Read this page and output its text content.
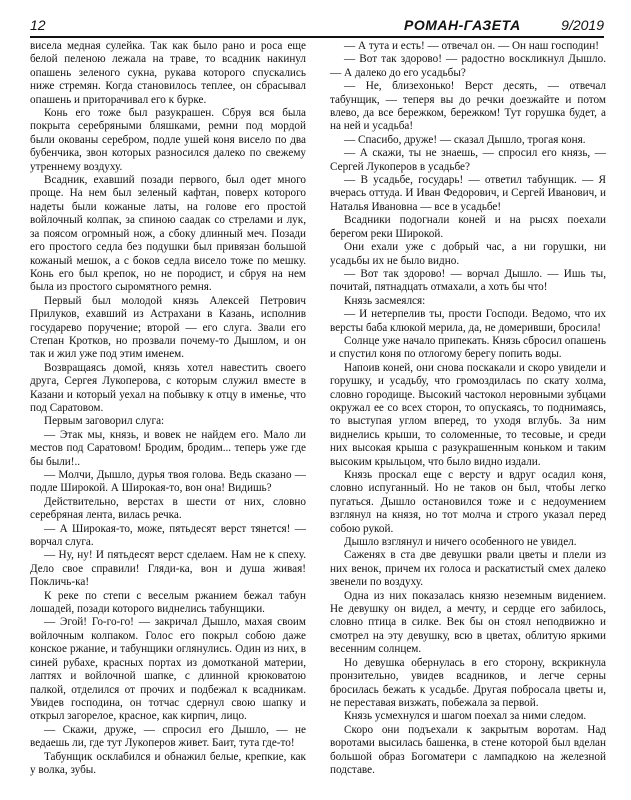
12	РОМАН-ГАЗЕТА	9/2019

висела медная сулейка. Так как было рано и роса еще белой пеленою лежала на траве, то всадник накинул опашень зеленого сукна, рукава которого спускались ниже стремян. Когда становилось теплее, он сбрасывал опашень и приторачивал его к бурке.

Конь его тоже был разукрашен. Сбруя вся была покрыта серебряными бляшками, ремни под мордой были окованы серебром, подле ушей коня висело по два бубенчика, звон которых разносился далеко по свежему утреннему воздуху.

Всадник, ехавший позади первого, был одет много проще. На нем был зеленый кафтан, поверх которого надеты были кожаные латы, на голове его простой войлочный колпак, за спиною саадак со стрелами и лук, за поясом огромный нож, а сбоку длинный меч. Позади его простого седла без подушки был привязан большой кожаный мешок, а с боков седла висело тоже по мешку. Конь его был крепок, но не породист, и сбруя на нем была из простого сыромятного ремня.

Первый был молодой князь Алексей Петрович Прилуков, ехавший из Астрахани в Казань, исполнив государево поручение; второй — его слуга. Звали его Степан Кротков, но прозвали почему-то Дышлом, и он так и жил уже под этим именем.

Возвращаясь домой, князь хотел навестить своего друга, Сергея Лукоперова, с которым служил вместе в Казани и который уехал на побывку к отцу в именье, что под Саратовом.

Первым заговорил слуга:

— Этак мы, князь, и вовек не найдем его. Мало ли местов под Саратовом! Бродим, бродим... теперь уже где бы были!..

— Молчи, Дышло, дурья твоя голова. Ведь сказано — подле Широкой. А Широкая-то, вон она! Видишь?

Действительно, верстах в шести от них, словно серебряная лента, вилась речка.

— А Широкая-то, може, пятьдесят верст тянется! — ворчал слуга.

— Ну, ну! И пятьдесят верст сделаем. Нам не к спеху. Дело свое справили! Гляди-ка, вон и душа живая! Покличь-ка!

К реке по степи с веселым ржанием бежал табун лошадей, позади которого виднелись табунщики.

— Эгой! Го-го-го! — закричал Дышло, махая своим войлочным колпаком. Голос его покрыл собою даже конское ржание, и табунщики оглянулись. Один из них, в синей рубахе, красных портах из домотканой материи, лаптях и войлочной шапке, с длинной крюковатою палкой, отделился от прочих и подбежал к всадникам. Увидев господина, он тотчас сдернул свою шапку и открыл загорелое, красное, как кирпич, лицо.

— Скажи, друже, — спросил его Дышло, — не ведаешь ли, где тут Лукоперов живет. Баит, тута где-то!

Табунщик осклабился и обнажил белые, крепкие, как у волка, зубы.

— А тута и есть! — отвечал он. — Он наш господин!

— Вот так здорово! — радостно воскликнул Дышло. — А далеко до его усадьбы?

— Не, близехонько! Верст десять, — отвечал табунщик, — теперя вы до речки доезжайте и потом влево, да все бережком, бережком! Тут горушка будет, а на ней и усадьба!

— Спасибо, друже! — сказал Дышло, трогая коня.

— А скажи, ты не знаешь, — спросил его князь, — Сергей Лукоперов в усадьбе?

— В усадьбе, государь! — ответил табунщик. — Я вчерась оттуда. И Иван Федорович, и Сергей Иванович, и Наталья Ивановна — все в усадьбе!

Всадники подогнали коней и на рысях поехали берегом реки Широкой.

Они ехали уже с добрый час, а ни горушки, ни усадьбы их не было видно.

— Вот так здорово! — ворчал Дышло. — Ишь ты, почитай, пятнадцать отмахали, а хоть бы что!

Князь засмеялся:

— И нетерпелив ты, прости Господи. Ведомо, что их версты баба клюкой мерила, да, не домеривши, бросила!

Солнце уже начало припекать. Князь сбросил опашень и спустил коня по отлогому берегу попить воды.

Напоив коней, они снова поскакали и скоро увидели и горушку, и усадьбу, что громоздилась по скату холма, словно городище. Высокий частокол неровными зубцами окружал ее со всех сторон, то опускаясь, то поднимаясь, то выступая углом вперед, то уходя вглубь. За ним виднелись крыши, то соломенные, то тесовые, и среди них высокая крыша с разукрашенным коньком и таким высоким крыльцом, что было видно издали.

Князь проскал еще с версту и вдруг осадил коня, словно испуганный. Но не таков он был, чтобы легко пугаться. Дышло остановился тоже и с недоумением взглянул на князя, но тот молча и строго указал перед собою рукой.

Дышло взглянул и ничего особенного не увидел.

Саженях в ста две девушки рвали цветы и плели из них венок, причем их голоса и раскатистый смех далеко звенели по воздуху.

Одна из них показалась князю неземным видением. Не девушку он видел, а мечту, и сердце его забилось, словно птица в силке. Век бы он стоял неподвижно и смотрел на эту девушку, всю в цветах, облитую яркими весенним солнцем.

Но девушка обернулась в его сторону, вскрикнула пронзительно, увидев всадников, и легче серны бросилась бежать к усадьбе. Другая побросала цветы и, не переставая визжать, побежала за первой.

Князь усмехнулся и шагом поехал за ними следом.

Скоро они подъехали к закрытым воротам. Над воротами высилась башенка, в стене которой был вделан большой образ Богоматери с лампадкою на железной подставе.
